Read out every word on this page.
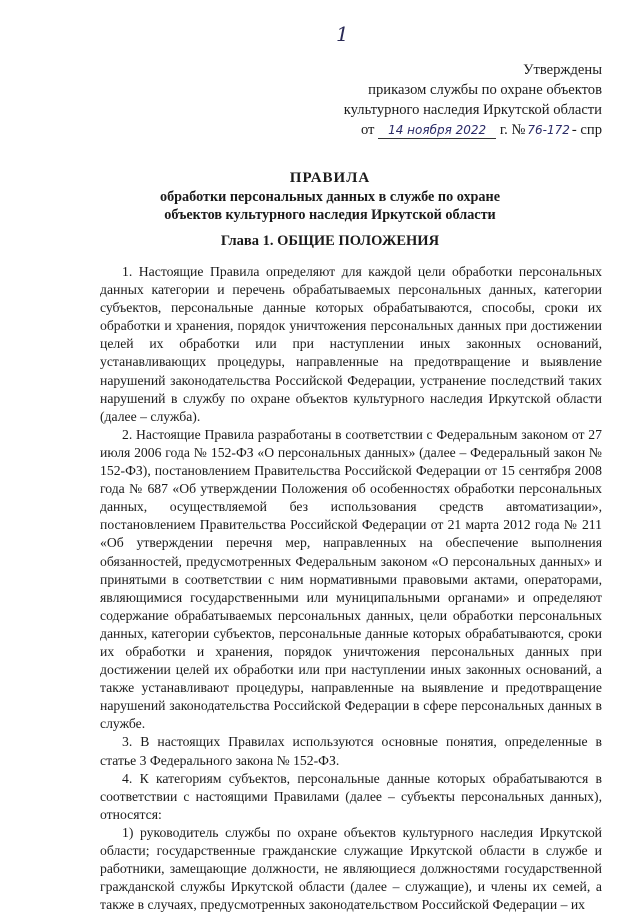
1
Утверждены
приказом службы по охране объектов
культурного наследия Иркутской области
от 14 ноября 2022 г. № 76-172 - спр
ПРАВИЛА
обработки персональных данных в службе по охране
объектов культурного наследия Иркутской области
Глава 1. ОБЩИЕ ПОЛОЖЕНИЯ

1. Настоящие Правила определяют для каждой цели обработки персональных данных категории и перечень обрабатываемых персональных данных, категории субъектов, персональные данные которых обрабатываются, способы, сроки их обработки и хранения, порядок уничтожения персональных данных при достижении целей их обработки или при наступлении иных законных оснований, устанавливающих процедуры, направленные на предотвращение и выявление нарушений законодательства Российской Федерации, устранение последствий таких нарушений в службу по охране объектов культурного наследия Иркутской области (далее – служба).

2. Настоящие Правила разработаны в соответствии с Федеральным законом от 27 июля 2006 года № 152-ФЗ «О персональных данных» (далее – Федеральный закон № 152-ФЗ), постановлением Правительства Российской Федерации от 15 сентября 2008 года № 687 «Об утверждении Положения об особенностях обработки персональных данных, осуществляемой без использования средств автоматизации», постановлением Правительства Российской Федерации от 21 марта 2012 года № 211 «Об утверждении перечня мер, направленных на обеспечение выполнения обязанностей, предусмотренных Федеральным законом «О персональных данных» и принятыми в соответствии с ним нормативными правовыми актами, операторами, являющимися государственными или муниципальными органами» и определяют содержание обрабатываемых персональных данных, цели обработки персональных данных, категории субъектов, персональные данные которых обрабатываются, сроки их обработки и хранения, порядок уничтожения персональных данных при достижении целей их обработки или при наступлении иных законных оснований, а также устанавливают процедуры, направленные на выявление и предотвращение нарушений законодательства Российской Федерации в сфере персональных данных в службе.

3. В настоящих Правилах используются основные понятия, определенные в статье 3 Федерального закона № 152-ФЗ.

4. К категориям субъектов, персональные данные которых обрабатываются в соответствии с настоящими Правилами (далее – субъекты персональных данных), относятся:

1) руководитель службы по охране объектов культурного наследия Иркутской области; государственные гражданские служащие Иркутской области в службе и работники, замещающие должности, не являющиеся должностями государственной гражданской службы Иркутской области (далее – служащие), и члены их семей, а также в случаях, предусмотренных законодательством Российской Федерации – их
